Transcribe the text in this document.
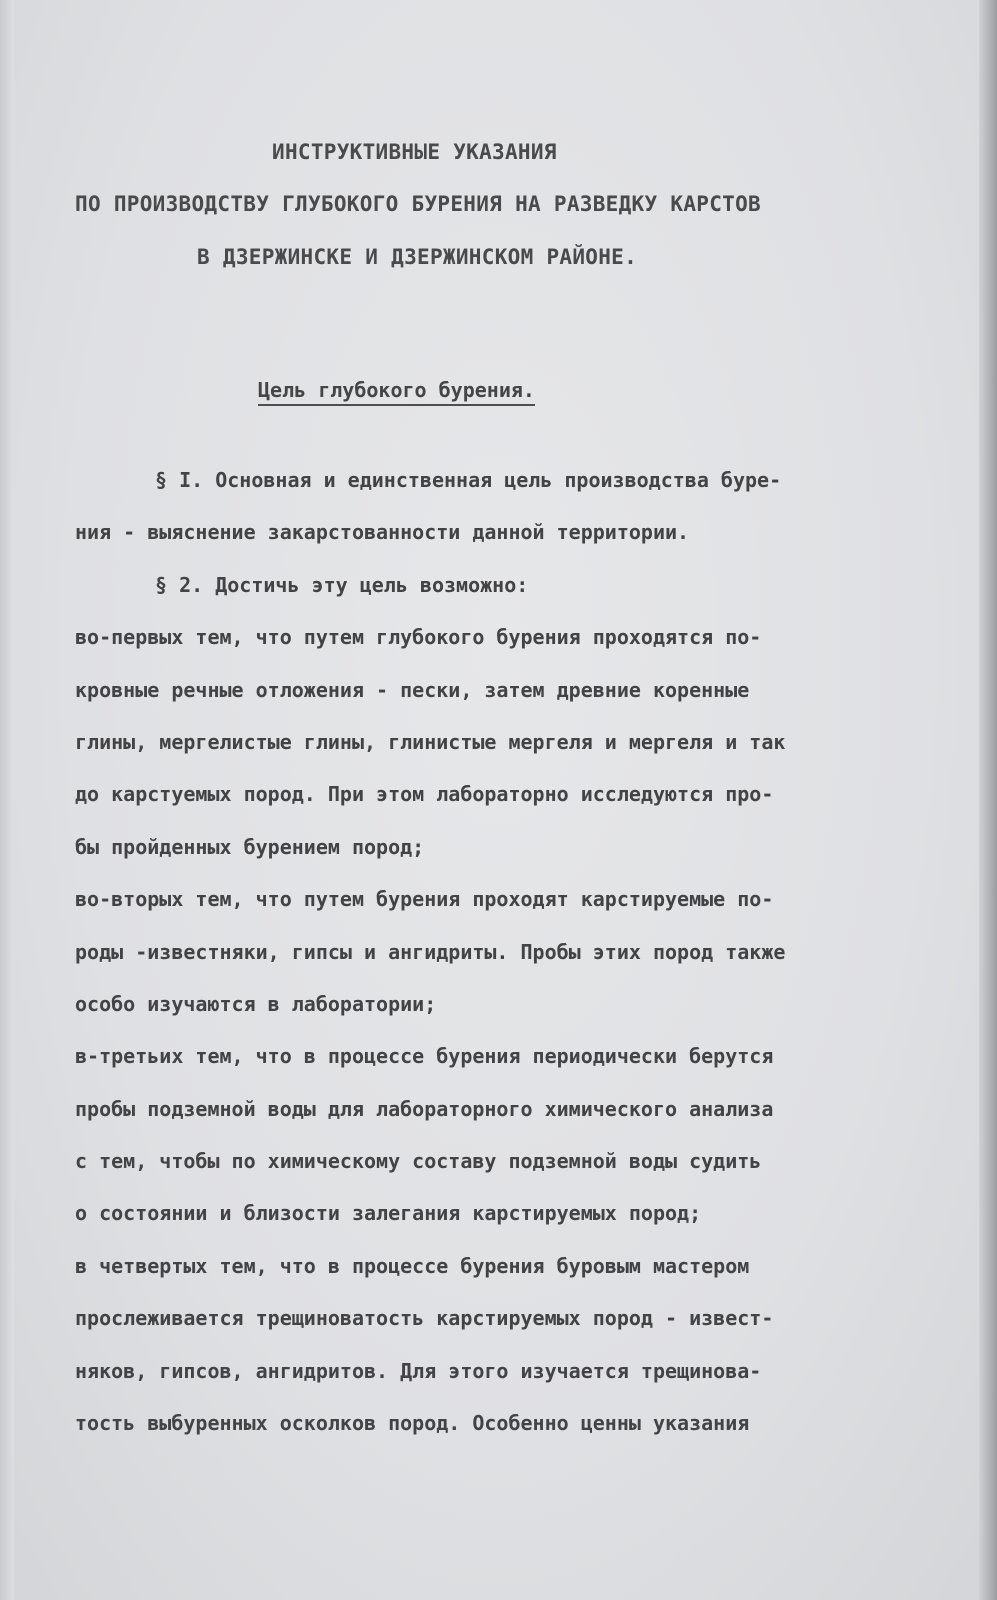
ИНСТРУКТИВНЫЕ УКАЗАНИЯ
ПО ПРОИЗВОДСТВУ ГЛУБОКОГО БУРЕНИЯ НА РАЗВЕДКУ КАРСТОВ
В ДЗЕРЖИНСКЕ И ДЗЕРЖИНСКОМ РАЙОНЕ.
Цель глубокого бурения.
§ I. Основная и единственная цель производства буре-
ния - выяснение закарстованности данной территории.
§ 2. Достичь эту цель возможно:
во-первых тем, что путем глубокого бурения проходятся по-
кровные речные отложения - пески, затем древние коренные
глины, мергелистые глины, глинистые мергеля и мергеля и так
до карстуемых пород. При этом лабораторно исследуются про-
бы пройденных бурением пород;
во-вторых тем, что путем бурения проходят карстируемые по-
роды -известняки, гипсы и ангидриты. Пробы этих пород также
особо изучаются в лаборатории;
в-третьих тем, что в процессе бурения периодически берутся
пробы подземной воды для лабораторного химического анализа
с тем, чтобы по химическому составу подземной воды судить
о состоянии и близости залегания карстируемых пород;
в четвертых тем, что в процессе бурения буровым мастером
прослеживается трещиноватость карстируемых пород - извест-
няков, гипсов, ангидритов. Для этого изучается трещинова-
тость выбуренных осколков пород. Особенно ценны указания
